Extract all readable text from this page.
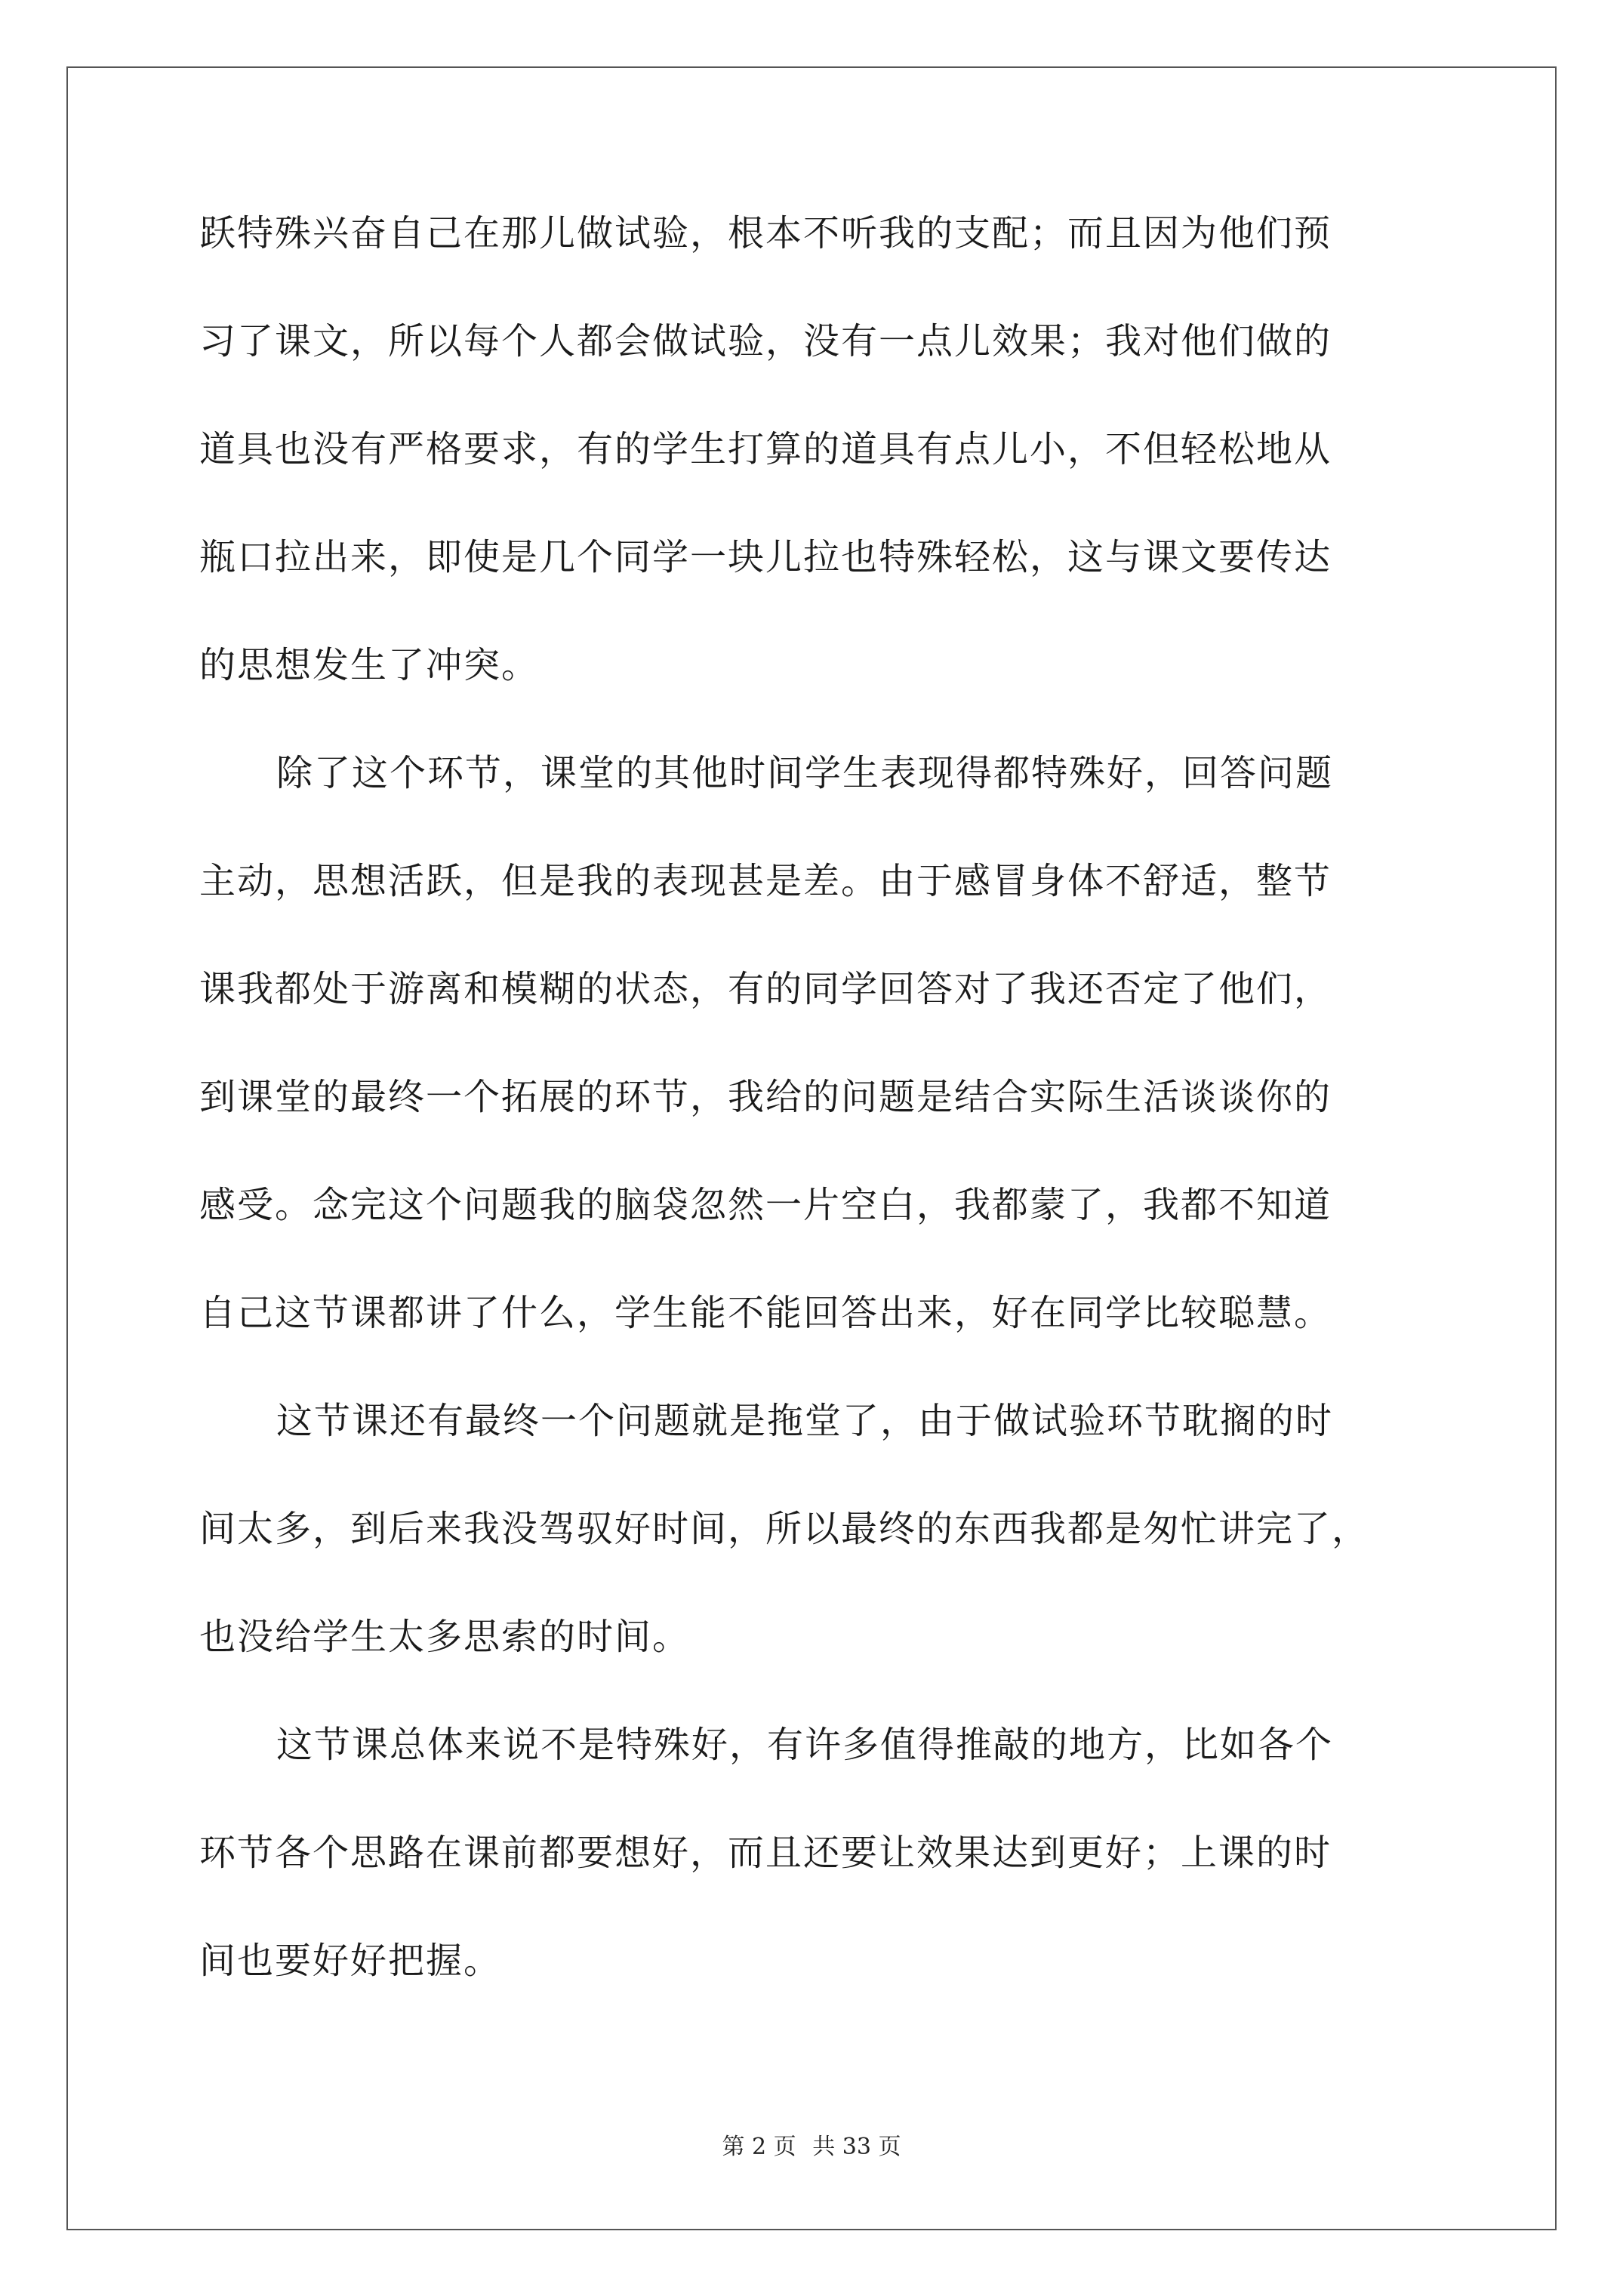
跃特殊兴奋自己在那儿做试验，根本不听我的支配；而且因为他们预
习了课文，所以每个人都会做试验，没有一点儿效果；我对他们做的
道具也没有严格要求，有的学生打算的道具有点儿小，不但轻松地从
瓶口拉出来，即使是几个同学一块儿拉也特殊轻松，这与课文要传达
的思想发生了冲突。
除了这个环节，课堂的其他时间学生表现得都特殊好，回答问题
主动，思想活跃，但是我的表现甚是差。由于感冒身体不舒适，整节
课我都处于游离和模糊的状态，有的同学回答对了我还否定了他们，
到课堂的最终一个拓展的环节，我给的问题是结合实际生活谈谈你的
感受。念完这个问题我的脑袋忽然一片空白，我都蒙了，我都不知道
自己这节课都讲了什么，学生能不能回答出来，好在同学比较聪慧。
这节课还有最终一个问题就是拖堂了，由于做试验环节耽搁的时
间太多，到后来我没驾驭好时间，所以最终的东西我都是匆忙讲完了，
也没给学生太多思索的时间。
这节课总体来说不是特殊好，有许多值得推敲的地方，比如各个
环节各个思路在课前都要想好，而且还要让效果达到更好；上课的时
间也要好好把握。
第 2 页 共 33 页
